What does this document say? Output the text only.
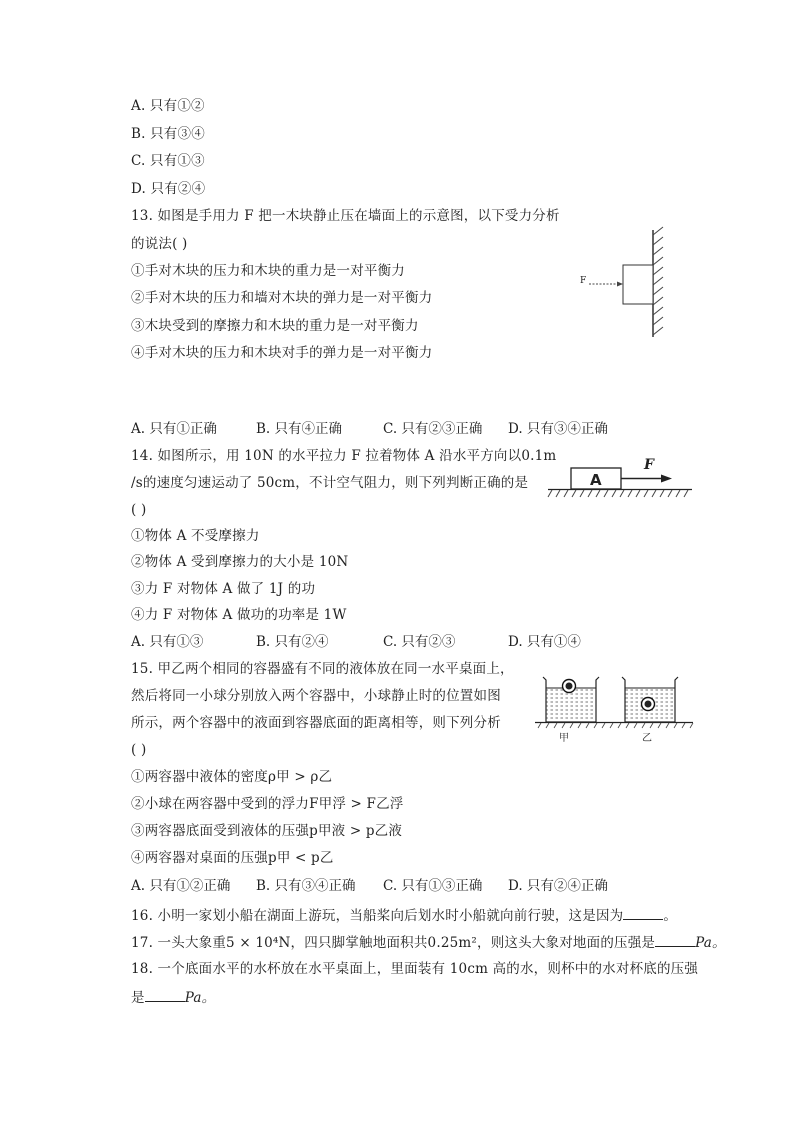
A. 只有①②
B. 只有③④
C. 只有①③
D. 只有②④
13. 如图是手用力 F 把一木块静止压在墙面上的示意图，以下受力分析
的说法( )
①手对木块的压力和木块的重力是一对平衡力
②手对木块的压力和墙对木块的弹力是一对平衡力
③木块受到的摩擦力和木块的重力是一对平衡力
④手对木块的压力和木块对手的弹力是一对平衡力
F
A. 只有①正确	B. 只有④正确	C. 只有②③正确 D. 只有③④正确
14. 如图所示，用 10N 的水平拉力 F 拉着物体 A 沿水平方向以0.1m
/s的速度匀速运动了 50cm，不计空气阻力，则下列判断正确的是
( )
①物体 A 不受摩擦力
②物体 A 受到摩擦力的大小是 10N
③力 F 对物体 A 做了 1J 的功
④力 F 对物体 A 做功的功率是 1W
A
F
A. 只有①③	B. 只有②④	C. 只有②③	D. 只有①④
15. 甲乙两个相同的容器盛有不同的液体放在同一水平桌面上，
然后将同一小球分别放入两个容器中，小球静止时的位置如图
所示，两个容器中的液面到容器底面的距离相等，则下列分析
( )
①两容器中液体的密度ρ甲 > ρ乙
②小球在两容器中受到的浮力F甲浮 > F乙浮
③两容器底面受到液体的压强p甲液 > p乙液
④两容器对桌面的压强p甲 < p乙
甲	乙
A. 只有①②正确 B. 只有③④正确 C. 只有①③正确 D. 只有②④正确
16. 小明一家划小船在湖面上游玩，当船桨向后划水时小船就向前行驶，这是因为	。
17. 一头大象重5 × 10⁴N，四只脚掌触地面积共0.25m²，则这头大象对地面的压强是	Pa。
18. 一个底面水平的水杯放在水平桌面上，里面装有 10cm 高的水，则杯中的水对杯底的压强
是	Pa。
